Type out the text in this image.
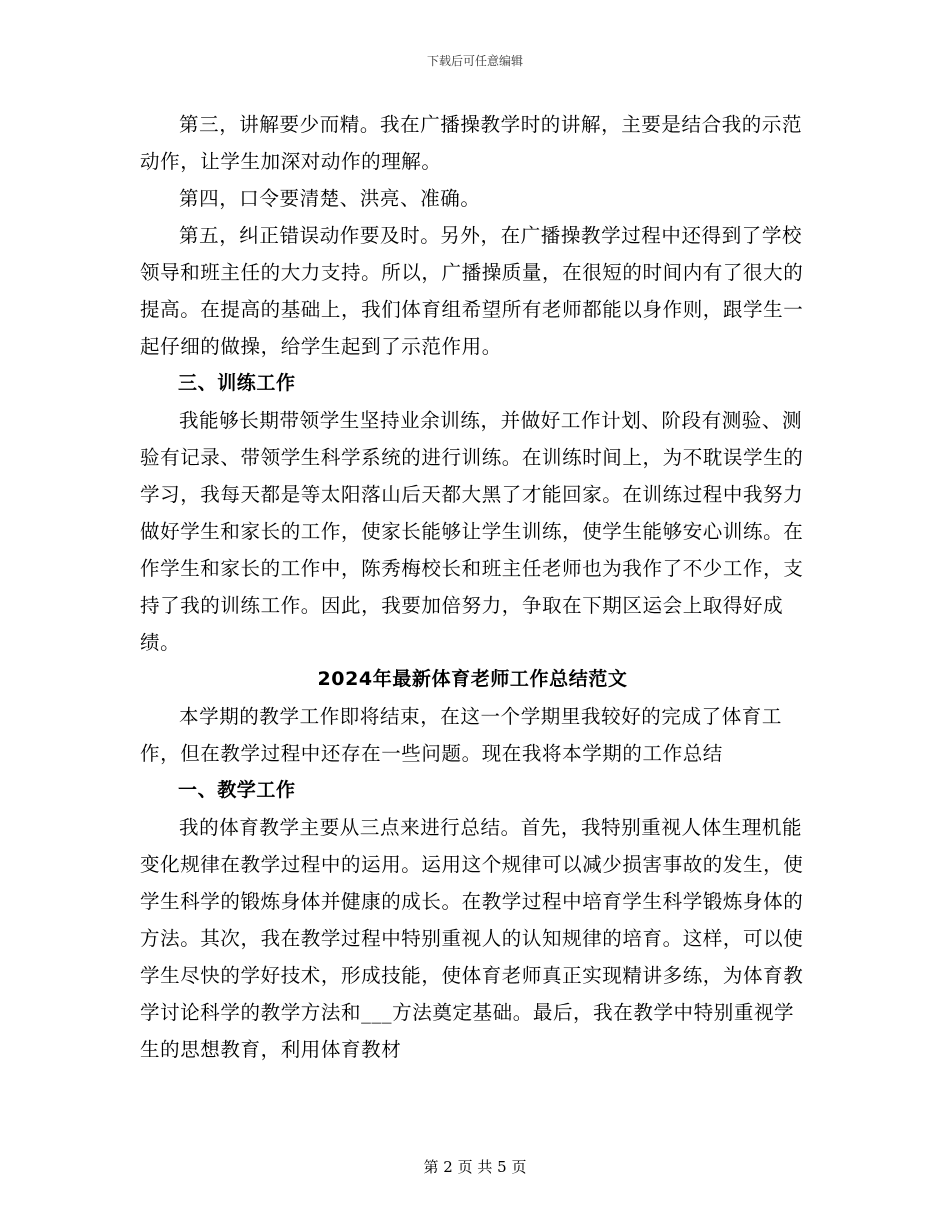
下载后可任意编辑

第三，讲解要少而精。我在广播操教学时的讲解，主要是结合我的示范动作，让学生加深对动作的理解。

第四，口令要清楚、洪亮、准确。

第五，纠正错误动作要及时。另外，在广播操教学过程中还得到了学校领导和班主任的大力支持。所以，广播操质量，在很短的时间内有了很大的提高。在提高的基础上，我们体育组希望所有老师都能以身作则，跟学生一起仔细的做操，给学生起到了示范作用。

三、训练工作

我能够长期带领学生坚持业余训练，并做好工作计划、阶段有测验、测验有记录、带领学生科学系统的进行训练。在训练时间上，为不耽误学生的学习，我每天都是等太阳落山后天都大黑了才能回家。在训练过程中我努力做好学生和家长的工作，使家长能够让学生训练，使学生能够安心训练。在作学生和家长的工作中，陈秀梅校长和班主任老师也为我作了不少工作，支持了我的训练工作。因此，我要加倍努力，争取在下期区运会上取得好成绩。

2024年最新体育老师工作总结范文

本学期的教学工作即将结束，在这一个学期里我较好的完成了体育工作，但在教学过程中还存在一些问题。现在我将本学期的工作总结

一、教学工作

我的体育教学主要从三点来进行总结。首先，我特别重视人体生理机能变化规律在教学过程中的运用。运用这个规律可以减少损害事故的发生，使学生科学的锻炼身体并健康的成长。在教学过程中培育学生科学锻炼身体的方法。其次，我在教学过程中特别重视人的认知规律的培育。这样，可以使学生尽快的学好技术，形成技能，使体育老师真正实现精讲多练，为体育教学讨论科学的教学方法和___方法奠定基础。最后，我在教学中特别重视学生的思想教育，利用体育教材

第 2 页 共 5 页
